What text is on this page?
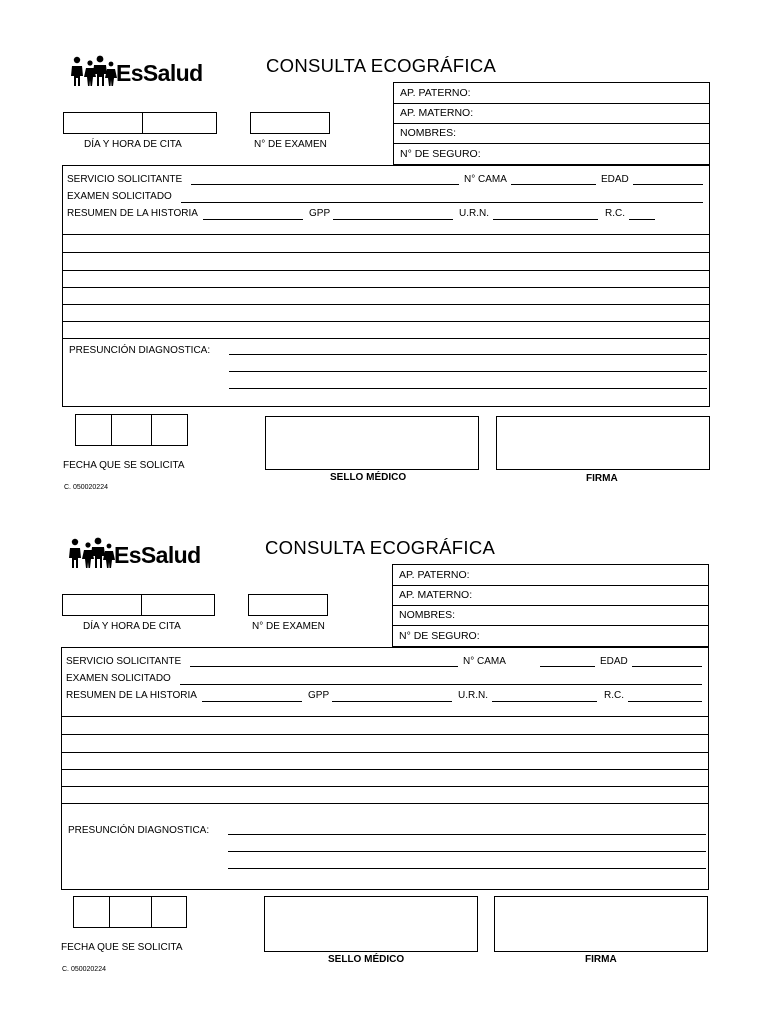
EsSalud	CONSULTA ECOGRÁFICA
AP. PATERNO:
AP. MATERNO:
NOMBRES:
N° DE SEGURO:
DÍA Y HORA DE CITA	N° DE EXAMEN
SERVICIO SOLICITANTE	N° CAMA	EDAD
EXAMEN SOLICITADO
RESUMEN DE LA HISTORIA	GPP	U.R.N.	R.C.
PRESUNCIÓN DIAGNOSTICA:
FECHA QUE SE SOLICITA
C. 050020224
SELLO MÉDICO	FIRMA
EsSalud	CONSULTA ECOGRÁFICA
AP. PATERNO:
AP. MATERNO:
NOMBRES:
N° DE SEGURO:
DÍA Y HORA DE CITA	N° DE EXAMEN
SERVICIO SOLICITANTE	N° CAMA	EDAD
EXAMEN SOLICITADO
RESUMEN DE LA HISTORIA	GPP	U.R.N.	R.C.
PRESUNCIÓN DIAGNOSTICA:
FECHA QUE SE SOLICITA
C. 050020224
SELLO MÉDICO	FIRMA
